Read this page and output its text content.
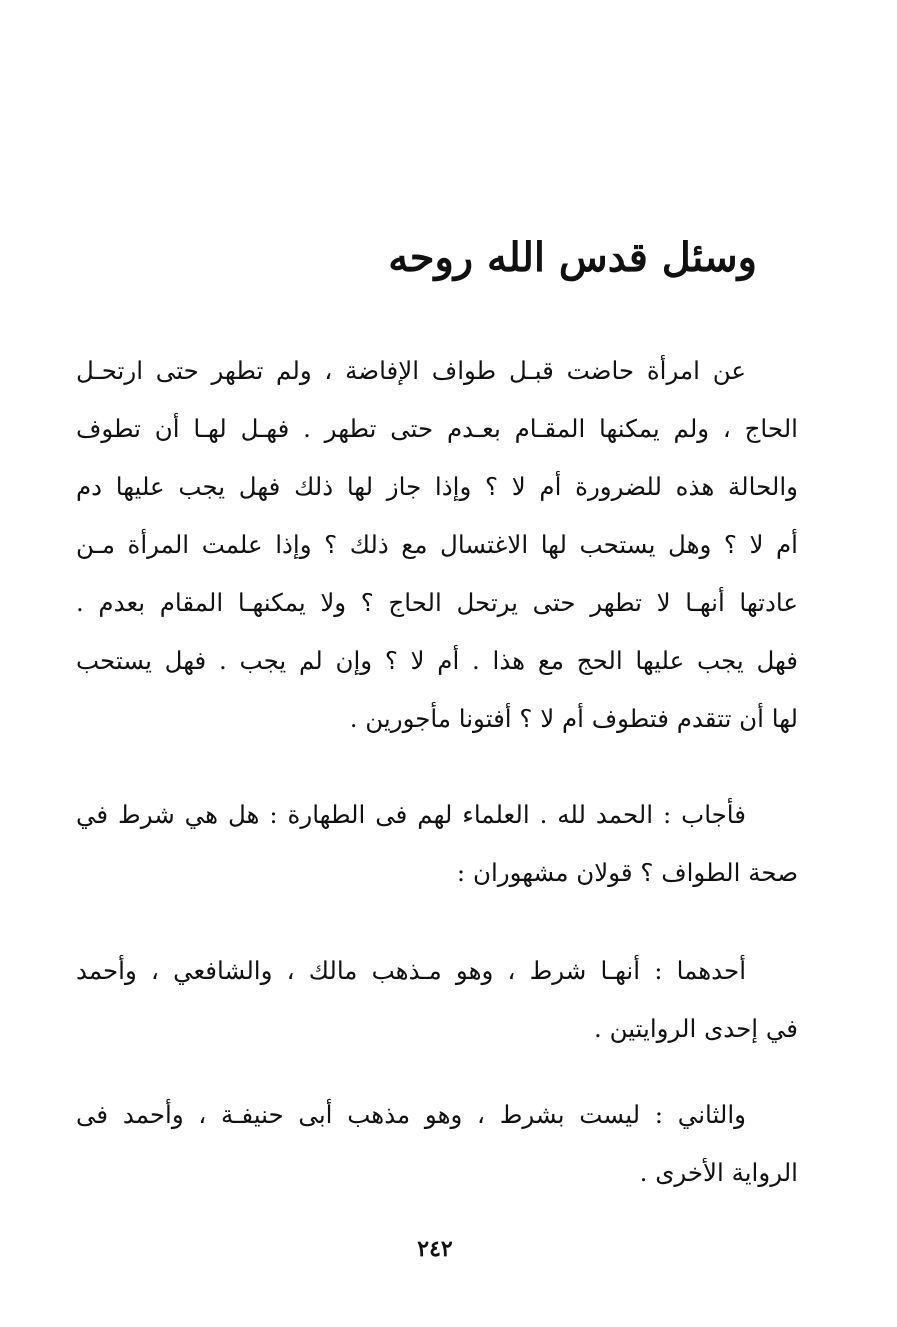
وسئل قدس الله روحه
عن امرأة حاضت قبـل طواف الإفاضة ، ولم تطهر حتى ارتحـل
الحاج ، ولم يمكنها المقـام بعـدم حتى تطهر . فهـل لهـا أن تطوف
والحالة هذه للضرورة أم لا ؟ وإذا جاز لها ذلك فهل يجب عليها دم
أم لا ؟ وهل يستحب لها الاغتسال مع ذلك ؟ وإذا علمت المرأة مـن
عادتها أنهـا لا تطهر حتى يرتحل الحاج ؟ ولا يمكنهـا المقام بعدم .
فهل يجب عليها الحج مع هذا . أم لا ؟ وإن لم يجب . فهل يستحب
لها أن تتقدم فتطوف أم لا ؟ أفتونا مأجورين .
فأجاب : الحمد لله . العلماء لهم فى الطهارة : هل هي شرط في
صحة الطواف ؟ قولان مشهوران :
أحدهما : أنهـا شرط ، وهو مـذهب مالك ، والشافعي ، وأحمد
في إحدى الروايتين .
والثاني : ليست بشرط ، وهو مذهب أبى حنيفـة ، وأحمد فى
الرواية الأخرى .
٢٤٢
